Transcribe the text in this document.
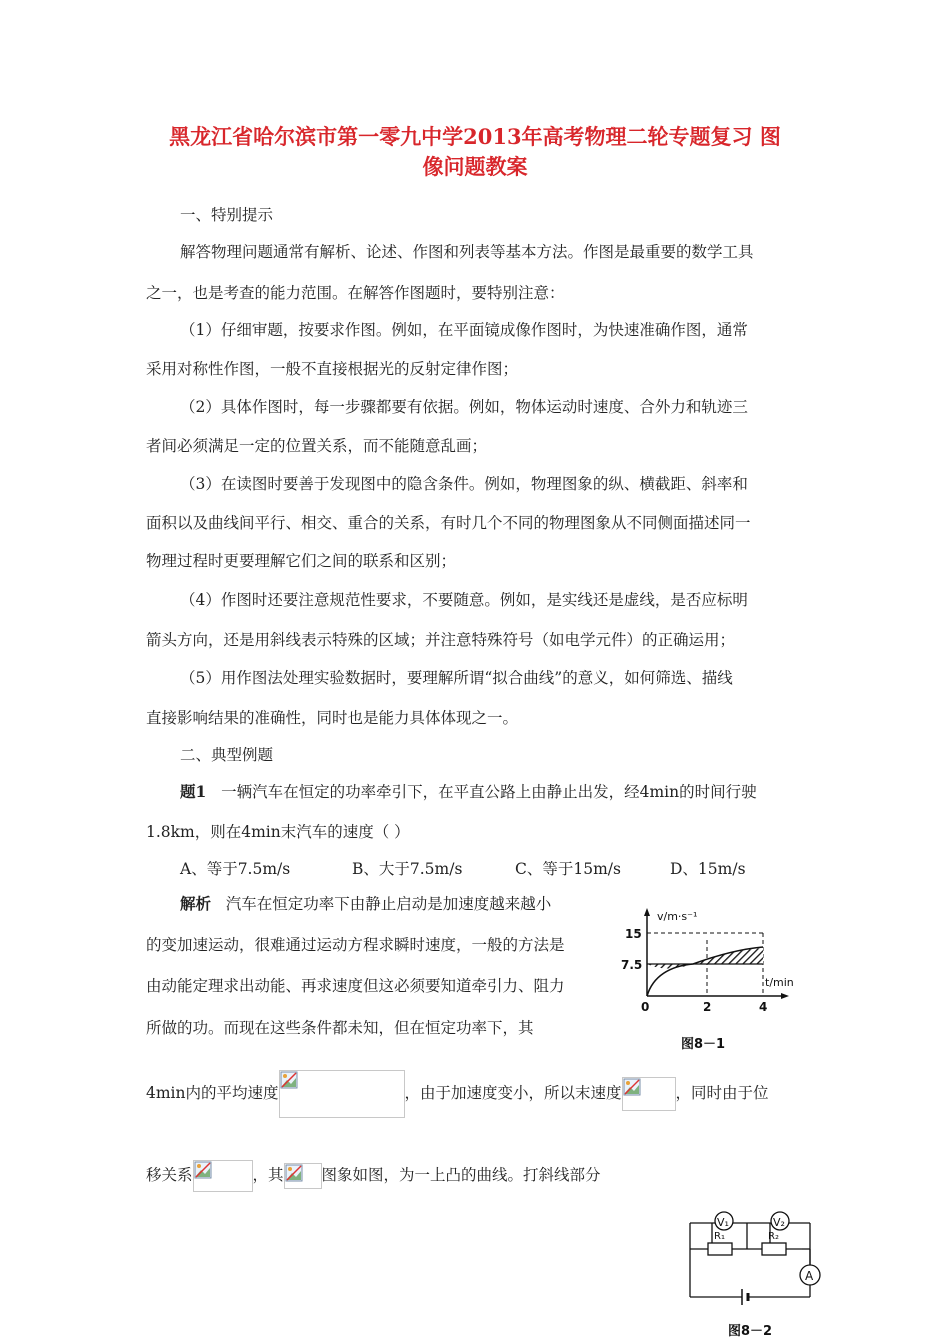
黑龙江省哈尔滨市第一零九中学2013年高考物理二轮专题复习 图
像问题教案
一、特别提示
解答物理问题通常有解析、论述、作图和列表等基本方法。作图是最重要的数学工具
之一，也是考查的能力范围。在解答作图题时，要特别注意：
（1）仔细审题，按要求作图。例如，在平面镜成像作图时，为快速准确作图，通常
采用对称性作图，一般不直接根据光的反射定律作图；
（2）具体作图时，每一步骤都要有依据。例如，物体运动时速度、合外力和轨迹三
者间必须满足一定的位置关系，而不能随意乱画；
（3）在读图时要善于发现图中的隐含条件。例如，物理图象的纵、横截距、斜率和
面积以及曲线间平行、相交、重合的关系，有时几个不同的物理图象从不同侧面描述同一
物理过程时更要理解它们之间的联系和区别；
（4）作图时还要注意规范性要求，不要随意。例如，是实线还是虚线，是否应标明
箭头方向，还是用斜线表示特殊的区域；并注意特殊符号（如电学元件）的正确运用；
（5）用作图法处理实验数据时，要理解所谓“拟合曲线”的意义，如何筛选、描线
直接影响结果的准确性，同时也是能力具体体现之一。
二、典型例题
题1 一辆汽车在恒定的功率牵引下，在平直公路上由静止出发，经4min的时间行驶
1.8km，则在4min末汽车的速度（ ）
A、等于7.5m/s	B、大于7.5m/s	C、等于15m/s	D、15m/s
解析 汽车在恒定功率下由静止启动是加速度越来越小
的变加速运动，很难通过运动方程求瞬时速度，一般的方法是
由动能定理求出动能、再求速度但这必须要知道牵引力、阻力
所做的功。而现在这些条件都未知，但在恒定功率下，其
4min内的平均速度	，由于加速度变小，所以末速度	，同时由于位
移关系	，其 图象如图，为一上凸的曲线。打斜线部分
v/m·s⁻¹
t/min
15
7.5
0	2	4
图8－1
V₁	V₂
R₁	R₂
A
图8－2
